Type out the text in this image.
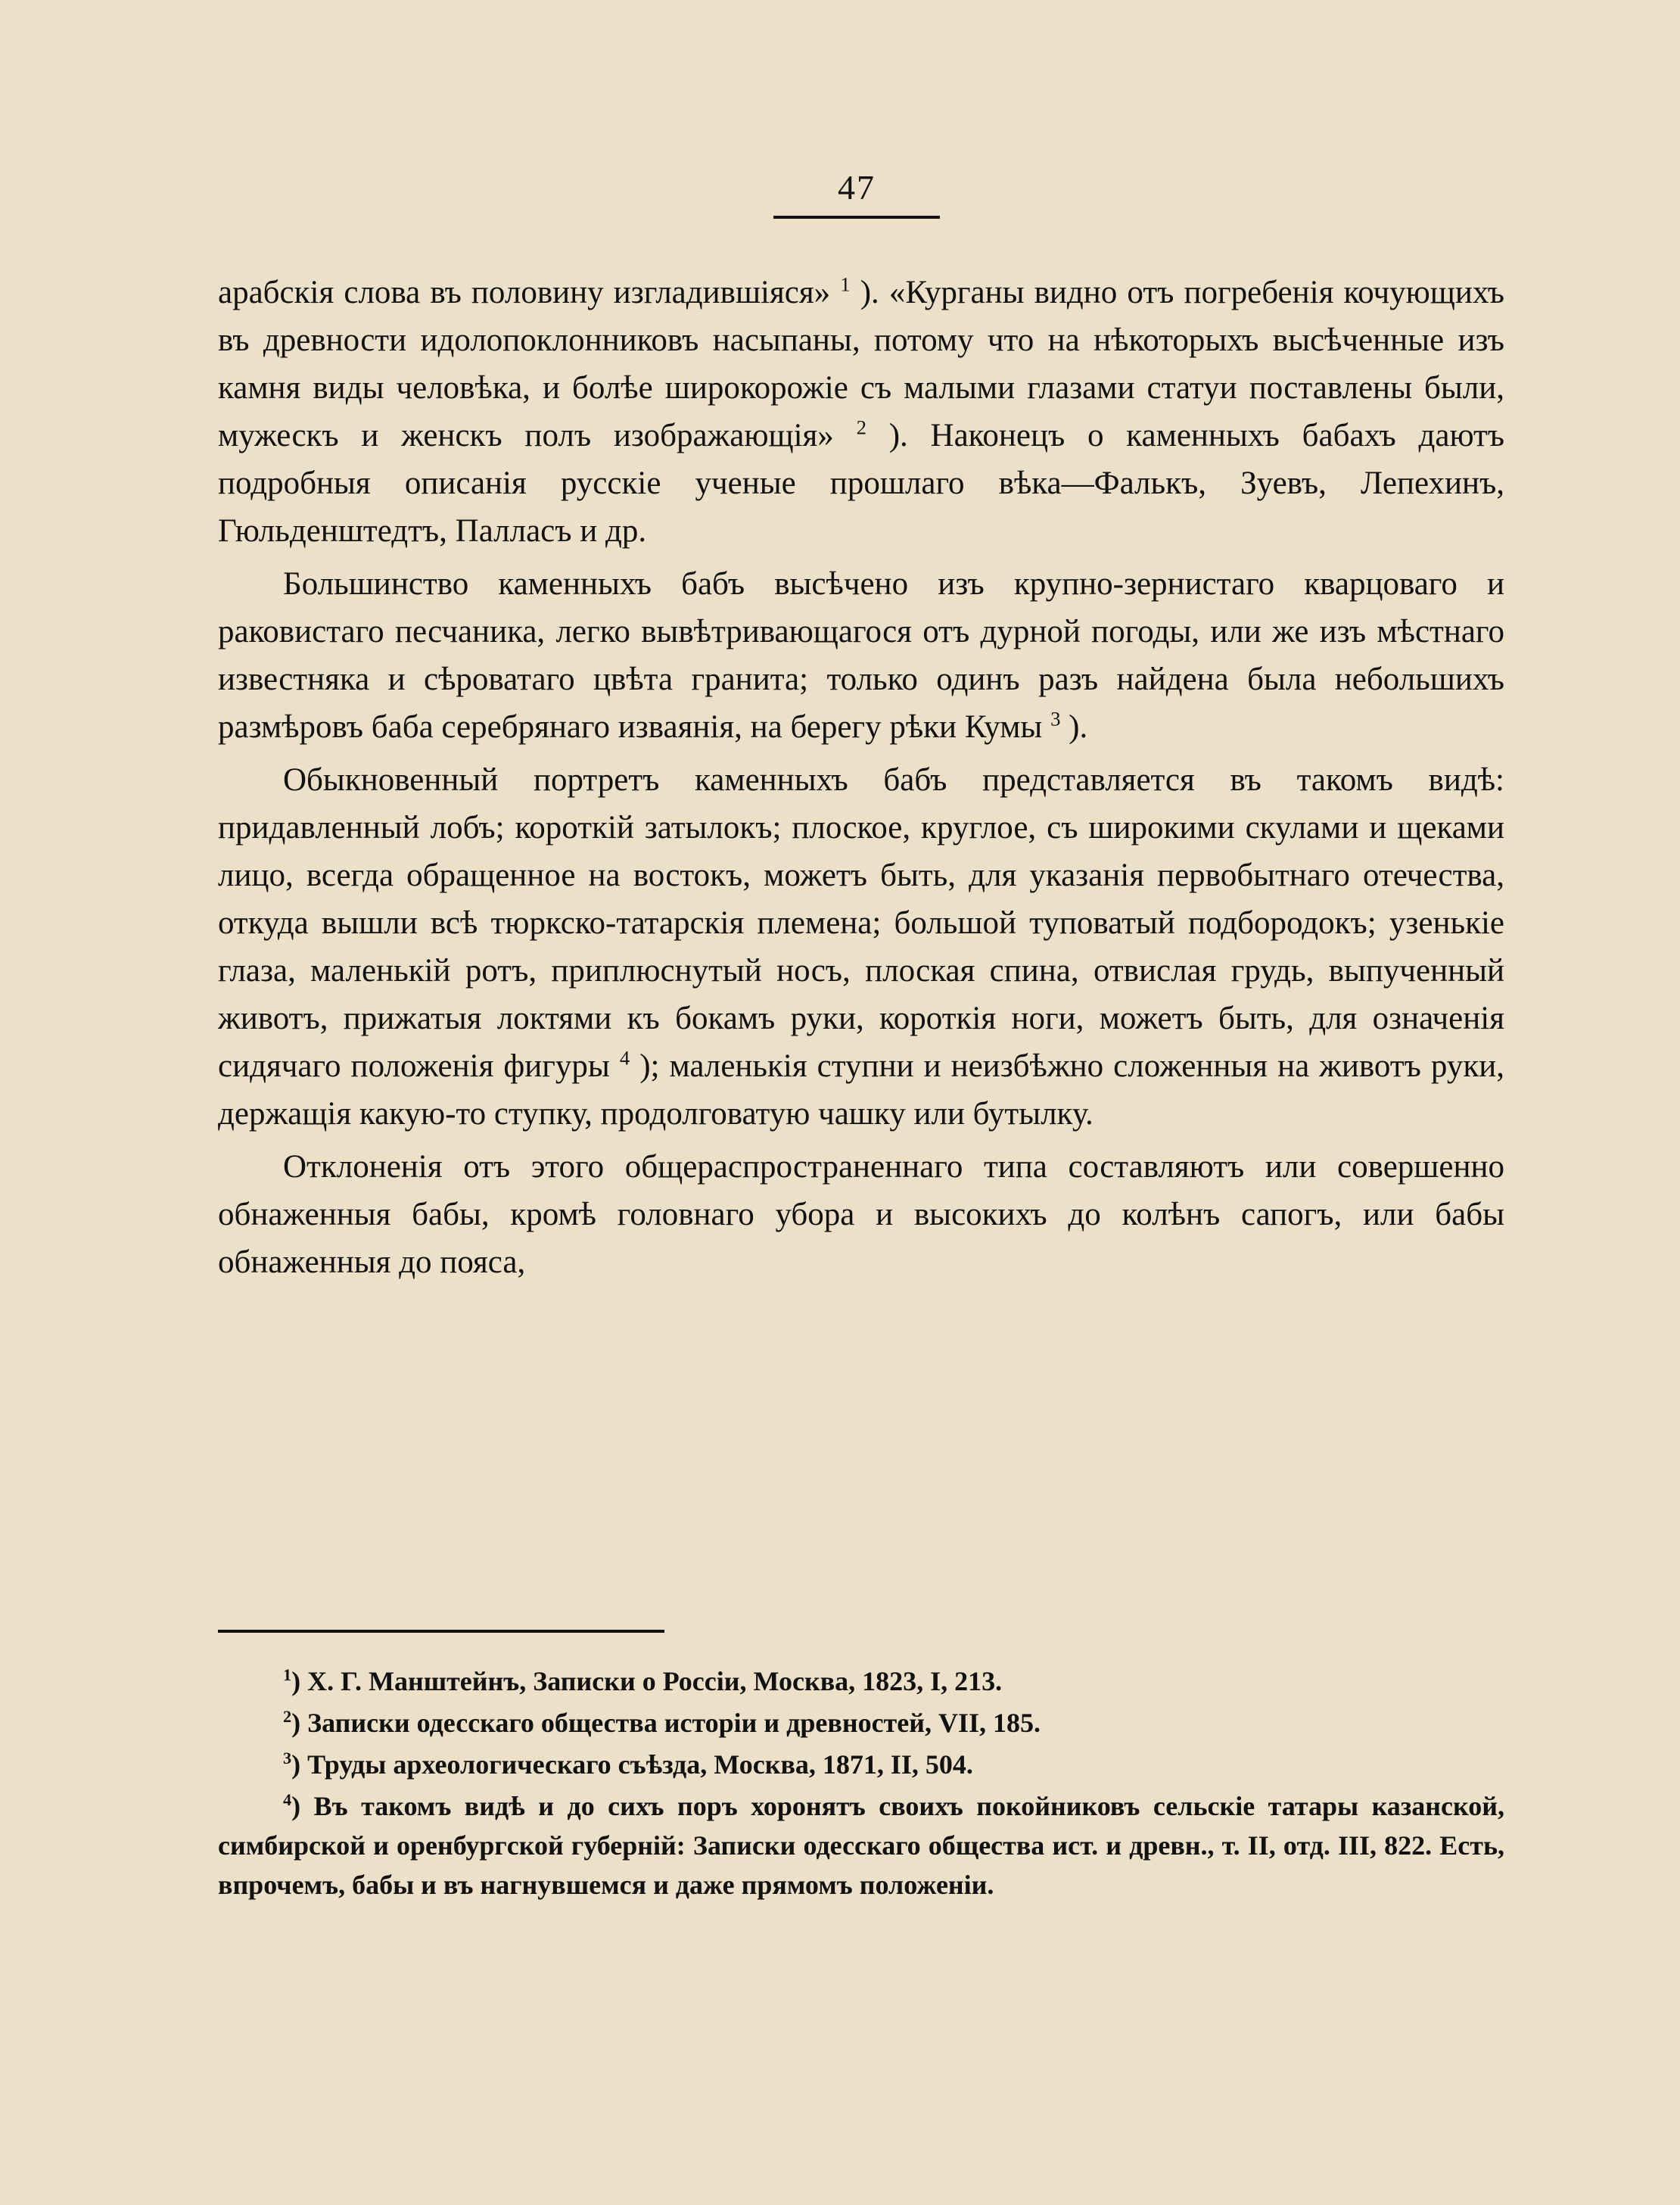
47

арабскія слова въ половину изгладившіяся» $^1$ ). «Курганы видно отъ погребенія кочующихъ въ древности идолопоклонниковъ насыпаны, потому что на нѣкоторыхъ высѣченные изъ камня виды человѣка, и болѣе широкорожіе съ малыми глазами статуи поставлены были, мужескъ и женскъ полъ изображающія» $^2$ ). Наконецъ о каменныхъ бабахъ даютъ подробныя описанія русскіе ученые прошлаго вѣка—Фалькъ, Зуевъ, Лепехинъ, Гюльденштедтъ, Палласъ и др.

Большинство каменныхъ бабъ высѣчено изъ крупно-зернистаго кварцоваго и раковистаго песчаника, легко вывѣтривающагося отъ дурной погоды, или же изъ мѣстнаго известняка и сѣроватаго цвѣта гранита; только одинъ разъ найдена была небольшихъ размѣровъ баба серебрянаго изваянія, на берегу рѣки Кумы $^3$ ).

Обыкновенный портретъ каменныхъ бабъ представляется въ такомъ видѣ: придавленный лобъ; короткій затылокъ; плоское, круглое, съ широкими скулами и щеками лицо, всегда обращенное на востокъ, можетъ быть, для указанія первобытнаго отечества, откуда вышли всѣ тюркско-татарскія племена; большой туповатый подбородокъ; узенькіе глаза, маленькій ротъ, приплюснутый носъ, плоская спина, отвислая грудь, выпученный животъ, прижатыя локтями къ бокамъ руки, короткія ноги, можетъ быть, для означенія сидячаго положенія фигуры $^4$ ); маленькія ступни и неизбѣжно сложенныя на животъ руки, держащія какую-то ступку, продолговатую чашку или бутылку.

Отклоненія отъ этого общераспространеннаго типа составляютъ или совершенно обнаженныя бабы, кромѣ головнаго убора и высокихъ до колѣнъ сапогъ, или бабы обнаженныя до пояса,

$^1$) Х. Г. Манштейнъ, Записки о Россіи, Москва, 1823, I, 213.
$^2$) Записки одесскаго общества исторіи и древностей, VII, 185.
$^3$) Труды археологическаго съѣзда, Москва, 1871, II, 504.
$^4$) Въ такомъ видѣ и до сихъ поръ хоронятъ своихъ покойниковъ сельскіе татары казанской, симбирской и оренбургской губерній: Записки одесскаго общеcтва ист. и древн., т. II, отд. III, 822. Есть, впрочемъ, бабы и въ нагнувшемся и даже прямомъ положеніи.
